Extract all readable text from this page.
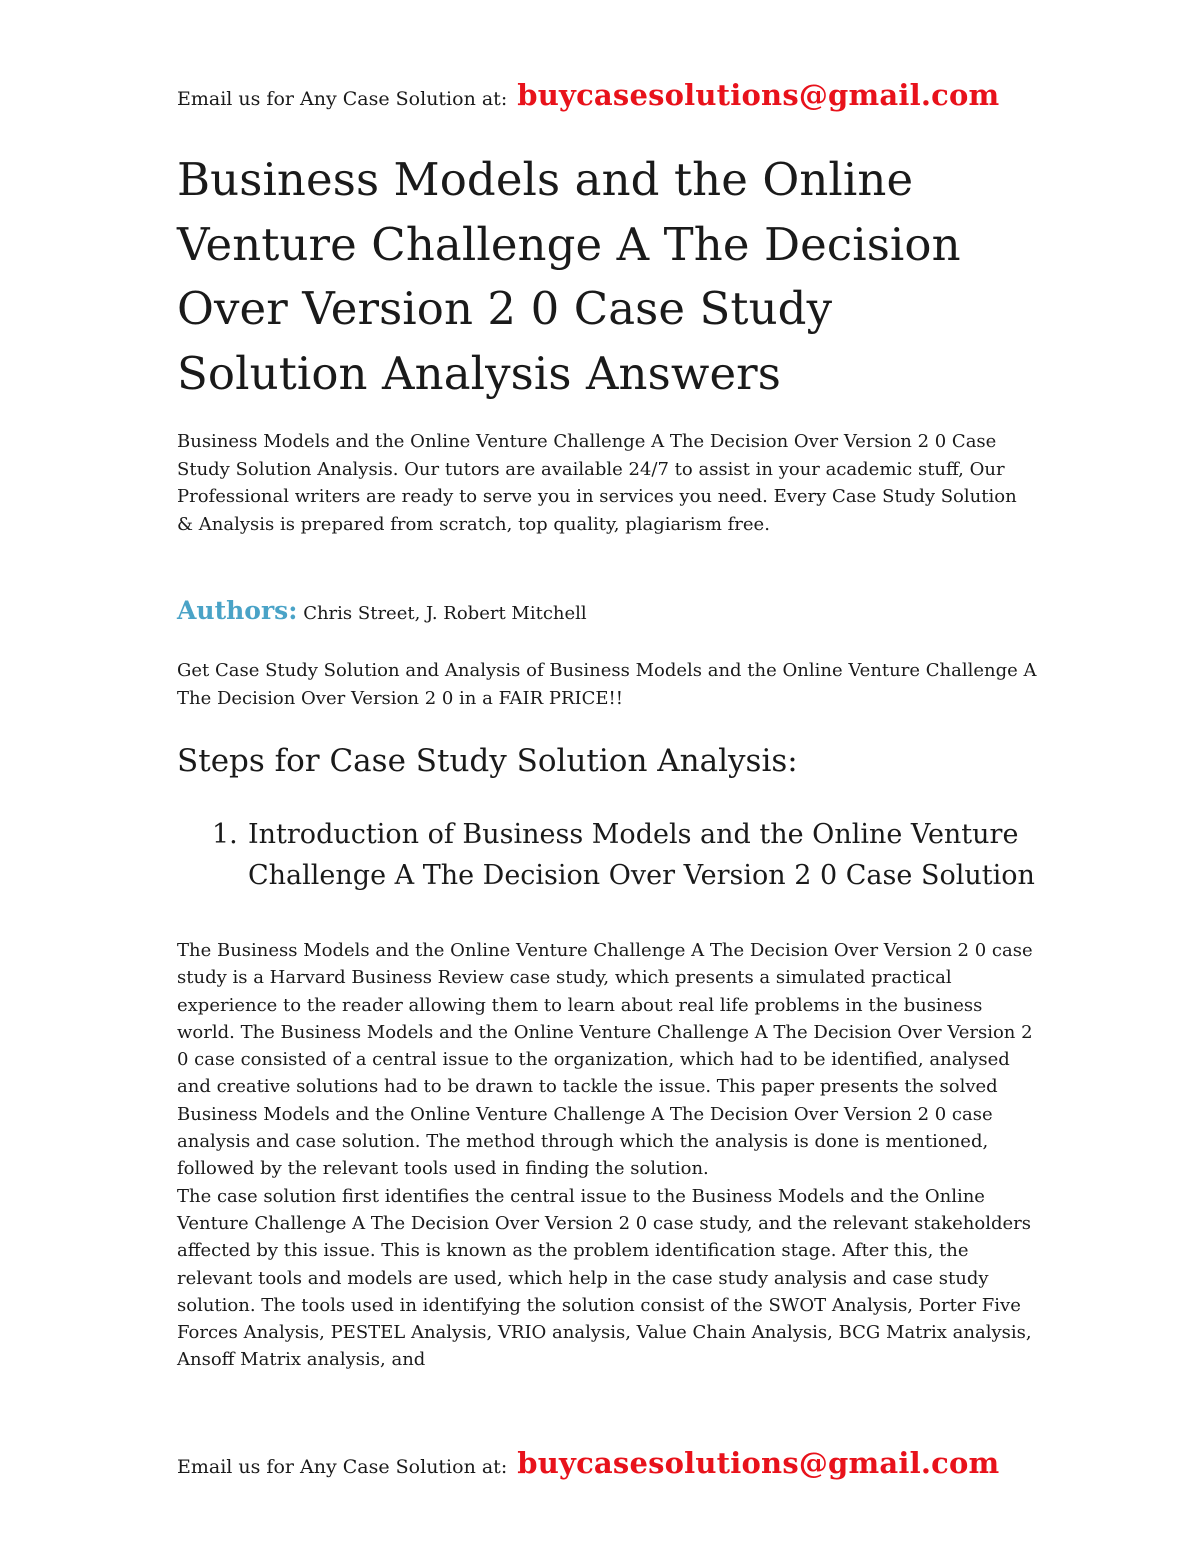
Email us for Any Case Solution at: buycasesolutions@gmail.com
Business Models and the Online Venture Challenge A The Decision Over Version 2 0 Case Study Solution Analysis Answers

Business Models and the Online Venture Challenge A The Decision Over Version 2 0 Case Study Solution Analysis. Our tutors are available 24/7 to assist in your academic stuff, Our Professional writers are ready to serve you in services you need. Every Case Study Solution & Analysis is prepared from scratch, top quality, plagiarism free.

Authors: Chris Street, J. Robert Mitchell

Get Case Study Solution and Analysis of Business Models and the Online Venture Challenge A The Decision Over Version 2 0 in a FAIR PRICE!!

Steps for Case Study Solution Analysis:
1. Introduction of Business Models and the Online Venture Challenge A The Decision Over Version 2 0 Case Solution

The Business Models and the Online Venture Challenge A The Decision Over Version 2 0 case study is a Harvard Business Review case study, which presents a simulated practical experience to the reader allowing them to learn about real life problems in the business world. The Business Models and the Online Venture Challenge A The Decision Over Version 2 0 case consisted of a central issue to the organization, which had to be identified, analysed and creative solutions had to be drawn to tackle the issue. This paper presents the solved Business Models and the Online Venture Challenge A The Decision Over Version 2 0 case analysis and case solution. The method through which the analysis is done is mentioned, followed by the relevant tools used in finding the solution.

The case solution first identifies the central issue to the Business Models and the Online Venture Challenge A The Decision Over Version 2 0 case study, and the relevant stakeholders affected by this issue. This is known as the problem identification stage. After this, the relevant tools and models are used, which help in the case study analysis and case study solution. The tools used in identifying the solution consist of the SWOT Analysis, Porter Five Forces Analysis, PESTEL Analysis, VRIO analysis, Value Chain Analysis, BCG Matrix analysis, Ansoff Matrix analysis, and

Email us for Any Case Solution at: buycasesolutions@gmail.com
